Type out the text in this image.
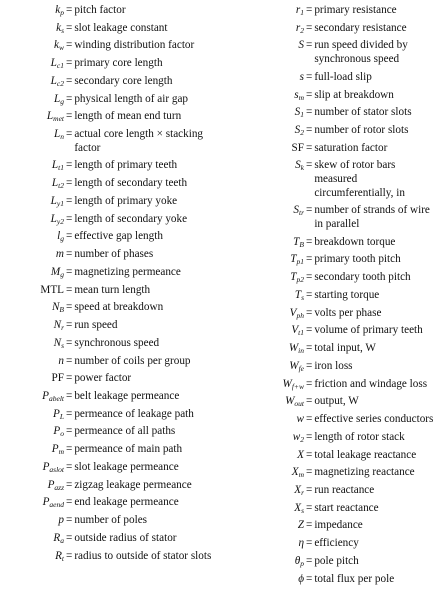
$k_p$ = pitch factor
$k_s$ = slot leakage constant
$k_w$ = winding distribution factor
$L_{c1}$ = primary core length
$L_{c2}$ = secondary core length
$L_g$ = physical length of air gap
$L_{met}$ = length of mean end turn
$L_n$ = actual core length × stacking factor
$L_{t1}$ = length of primary teeth
$L_{t2}$ = length of secondary teeth
$L_{y1}$ = length of primary yoke
$L_{y2}$ = length of secondary yoke
$l_g$ = effective gap length
m = number of phases
$M_g$ = magnetizing permeance
MTL = mean turn length
$N_B$ = speed at breakdown
$N_r$ = run speed
$N_s$ = synchronous speed
n = number of coils per group
PF = power factor
$P_{abelt}$ = belt leakage permeance
$P_L$ = permeance of leakage path
$P_o$ = permeance of all paths
$P_m$ = permeance of main path
$P_{aslot}$ = slot leakage permeance
$P_{azz}$ = zigzag leakage permeance
$P_{aend}$ = end leakage permeance
p = number of poles
$R_a$ = outside radius of stator
$R_t$ = radius to outside of stator slots
$r_1$ = primary resistance
$r_2$ = secondary resistance
S = run speed divided by synchronous speed
s = full-load slip
$s_m$ = slip at breakdown
$S_1$ = number of stator slots
$S_2$ = number of rotor slots
SF = saturation factor
$S_k$ = skew of rotor bars measured circumferentially, in
$S_{tr}$ = number of strands of wire in parallel
$T_B$ = breakdown torque
$T_{p1}$ = primary tooth pitch
$T_{p2}$ = secondary tooth pitch
$T_s$ = starting torque
$V_{ph}$ = volts per phase
$V_{t1}$ = volume of primary teeth
$W_{in}$ = total input, W
$W_{fe}$ = iron loss
$W_{f+w}$ = friction and windage loss
$W_{out}$ = output, W
w = effective series conductors
$w_2$ = length of rotor stack
X = total leakage reactance
$X_m$ = magnetizing reactance
$X_r$ = run reactance
$X_s$ = start reactance
Z = impedance
η = efficiency
$\theta_p$ = pole pitch
ϕ = total flux per pole
